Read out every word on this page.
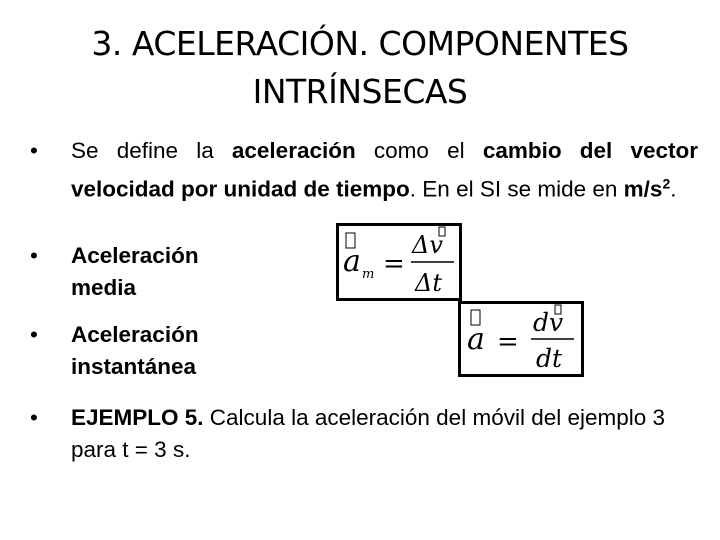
3. ACELERACIÓN. COMPONENTES
INTRÍNSECAS
•	Se define la aceleración como el cambio del vector velocidad por unidad de tiempo. En el SI se mide en $m/s^2$.
•	Aceleración media
a m =
Δv
Δt
•	Aceleración instantánea
a =
dv
dt
•	EJEMPLO 5. Calcula la aceleración del móvil del ejemplo 3 para t = 3 s.
